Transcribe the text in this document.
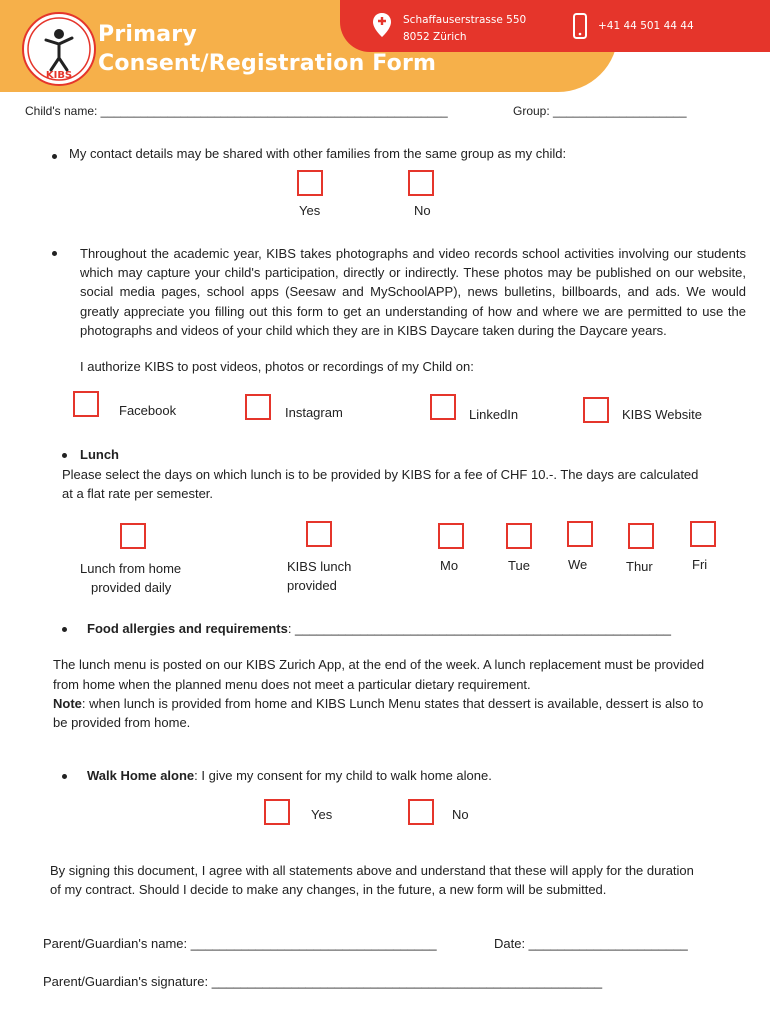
KIBS
Primary
Consent/Registration Form
Schaffauserstrasse 550
8052 Zürich
+41 44 501 44 44
Child's name: ____________________________________________________	Group: ____________________
My contact details may be shared with other families from the same group as my child:
Yes	No
Throughout the academic year, KIBS takes photographs and video records school activities involving our students which may capture your child's participation, directly or indirectly. These photos may be published on our website, social media pages, school apps (Seesaw and MySchoolAPP), news bulletins, billboards, and ads. We would greatly appreciate you filling out this form to get an understanding of how and where we are permitted to use the photographs and videos of your child which they are in KIBS Daycare taken during the Daycare years.
I authorize KIBS to post videos, photos or recordings of my Child on:
Facebook	Instagram	LinkedIn	KIBS Website
Lunch
Please select the days on which lunch is to be provided by KIBS for a fee of CHF 10.-. The days are calculated
at a flat rate per semester.
Lunch from home
provided daily
KIBS lunch
provided
Mo	Tue	We	Thur	Fri
Food allergies and requirements: ____________________________________________________
The lunch menu is posted on our KIBS Zurich App, at the end of the week. A lunch replacement must be provided
from home when the planned menu does not meet a particular dietary requirement.
Note: when lunch is provided from home and KIBS Lunch Menu states that dessert is available, dessert is also to
be provided from home.
Walk Home alone: I give my consent for my child to walk home alone.
Yes	No
By signing this document, I agree with all statements above and understand that these will apply for the duration
of my contract. Should I decide to make any changes, in the future, a new form will be submitted.
Parent/Guardian's name: __________________________________	Date: ______________________
Parent/Guardian's signature: ______________________________________________________
